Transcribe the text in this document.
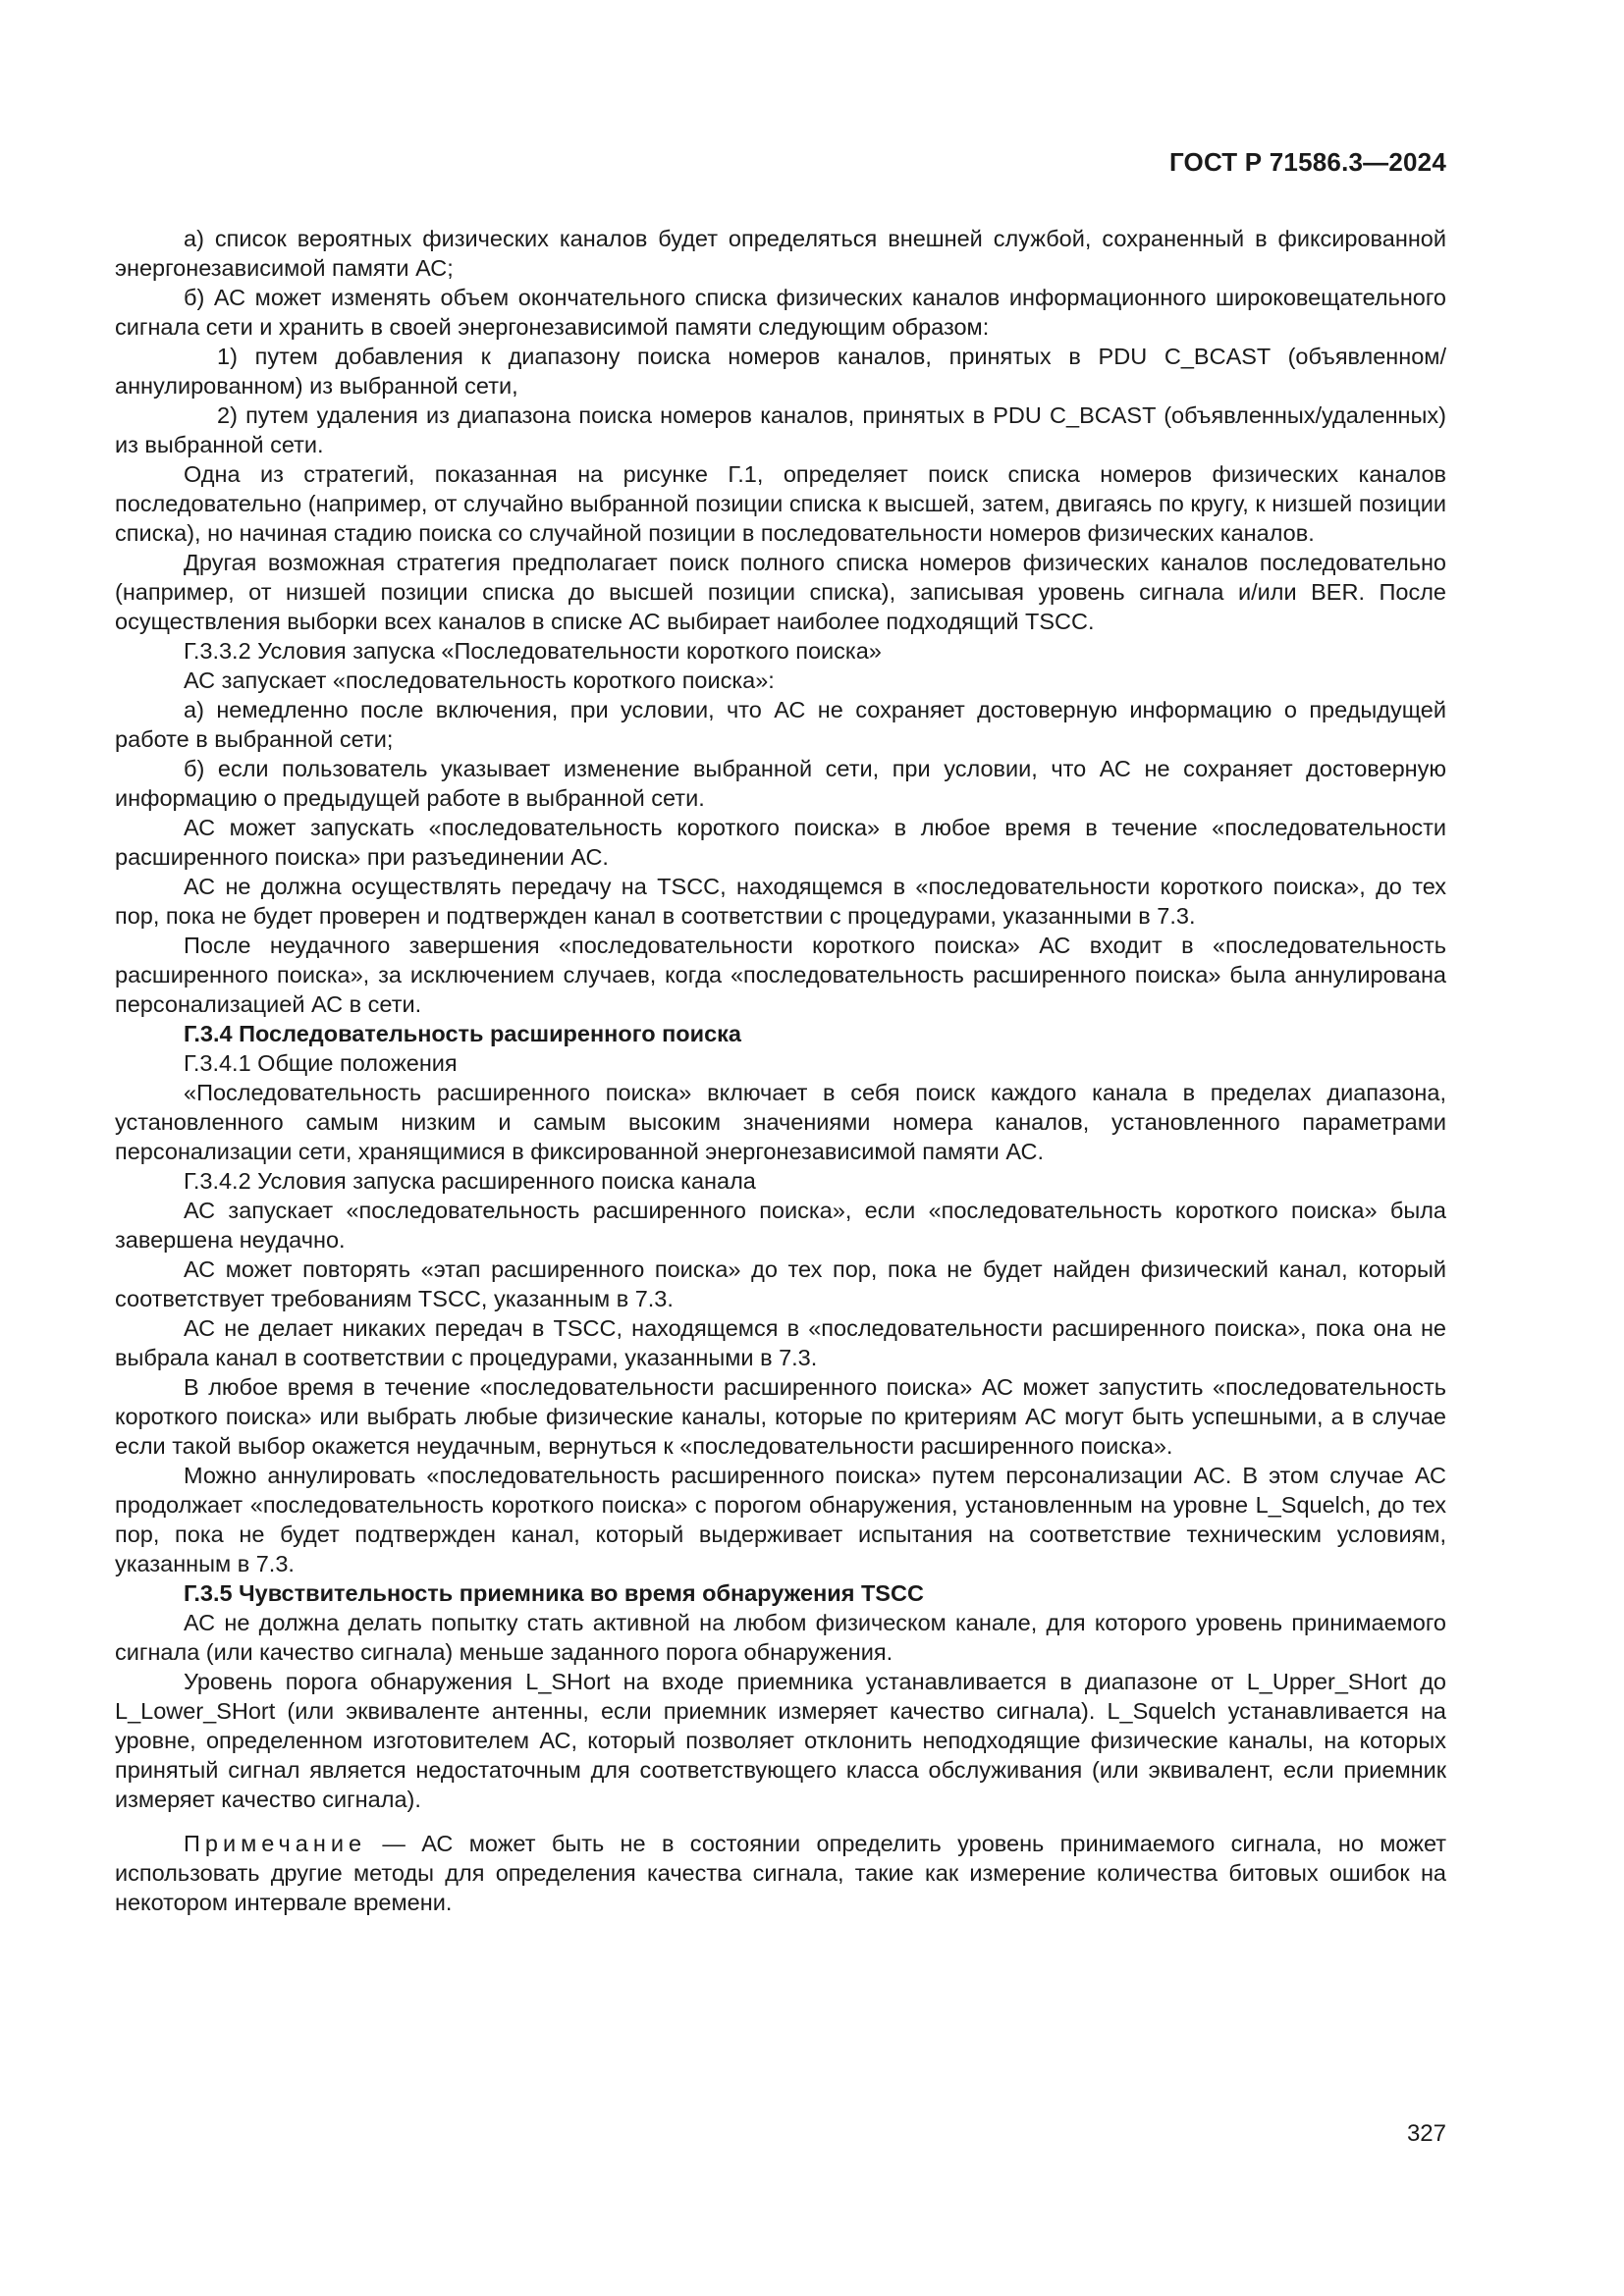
ГОСТ Р 71586.3—2024

а) список вероятных физических каналов будет определяться внешней службой, сохраненный в фиксированной энергонезависимой памяти АС;

б) АС может изменять объем окончательного списка физических каналов информационного широковещательного сигнала сети и хранить в своей энергонезависимой памяти следующим образом:

1) путем добавления к диапазону поиска номеров каналов, принятых в PDU C_BCAST (объявленном/аннулированном) из выбранной сети,

2) путем удаления из диапазона поиска номеров каналов, принятых в PDU C_BCAST (объявленных/удаленных) из выбранной сети.

Одна из стратегий, показанная на рисунке Г.1, определяет поиск списка номеров физических каналов последовательно (например, от случайно выбранной позиции списка к высшей, затем, двигаясь по кругу, к низшей позиции списка), но начиная стадию поиска со случайной позиции в последовательности номеров физических каналов.

Другая возможная стратегия предполагает поиск полного списка номеров физических каналов последовательно (например, от низшей позиции списка до высшей позиции списка), записывая уровень сигнала и/или BER. После осуществления выборки всех каналов в списке АС выбирает наиболее подходящий TSCC.

Г.3.3.2 Условия запуска «Последовательности короткого поиска»

АС запускает «последовательность короткого поиска»:

а) немедленно после включения, при условии, что АС не сохраняет достоверную информацию о предыдущей работе в выбранной сети;

б) если пользователь указывает изменение выбранной сети, при условии, что АС не сохраняет достоверную информацию о предыдущей работе в выбранной сети.

АС может запускать «последовательность короткого поиска» в любое время в течение «последовательности расширенного поиска» при разъединении АС.

АС не должна осуществлять передачу на TSCC, находящемся в «последовательности короткого поиска», до тех пор, пока не будет проверен и подтвержден канал в соответствии с процедурами, указанными в 7.3.

После неудачного завершения «последовательности короткого поиска» АС входит в «последовательность расширенного поиска», за исключением случаев, когда «последовательность расширенного поиска» была аннулирована персонализацией АС в сети.

Г.3.4 Последовательность расширенного поиска

Г.3.4.1 Общие положения

«Последовательность расширенного поиска» включает в себя поиск каждого канала в пределах диапазона, установленного самым низким и самым высоким значениями номера каналов, установленного параметрами персонализации сети, хранящимися в фиксированной энергонезависимой памяти АС.

Г.3.4.2 Условия запуска расширенного поиска канала

АС запускает «последовательность расширенного поиска», если «последовательность короткого поиска» была завершена неудачно.

АС может повторять «этап расширенного поиска» до тех пор, пока не будет найден физический канал, который соответствует требованиям TSCC, указанным в 7.3.

АС не делает никаких передач в TSCC, находящемся в «последовательности расширенного поиска», пока она не выбрала канал в соответствии с процедурами, указанными в 7.3.

В любое время в течение «последовательности расширенного поиска» АС может запустить «последовательность короткого поиска» или выбрать любые физические каналы, которые по критериям АС могут быть успешными, а в случае если такой выбор окажется неудачным, вернуться к «последовательности расширенного поиска».

Можно аннулировать «последовательность расширенного поиска» путем персонализации АС. В этом случае АС продолжает «последовательность короткого поиска» с порогом обнаружения, установленным на уровне L_Squelch, до тех пор, пока не будет подтвержден канал, который выдерживает испытания на соответствие техническим условиям, указанным в 7.3.

Г.3.5 Чувствительность приемника во время обнаружения TSCC

АС не должна делать попытку стать активной на любом физическом канале, для которого уровень принимаемого сигнала (или качество сигнала) меньше заданного порога обнаружения.

Уровень порога обнаружения L_SHort на входе приемника устанавливается в диапазоне от L_Upper_SHort до L_Lower_SHort (или эквиваленте антенны, если приемник измеряет качество сигнала). L_Squelch устанавливается на уровне, определенном изготовителем АС, который позволяет отклонить неподходящие физические каналы, на которых принятый сигнал является недостаточным для соответствующего класса обслуживания (или эквивалент, если приемник измеряет качество сигнала).

Примечание — АС может быть не в состоянии определить уровень принимаемого сигнала, но может использовать другие методы для определения качества сигнала, такие как измерение количества битовых ошибок на некотором интервале времени.

327
